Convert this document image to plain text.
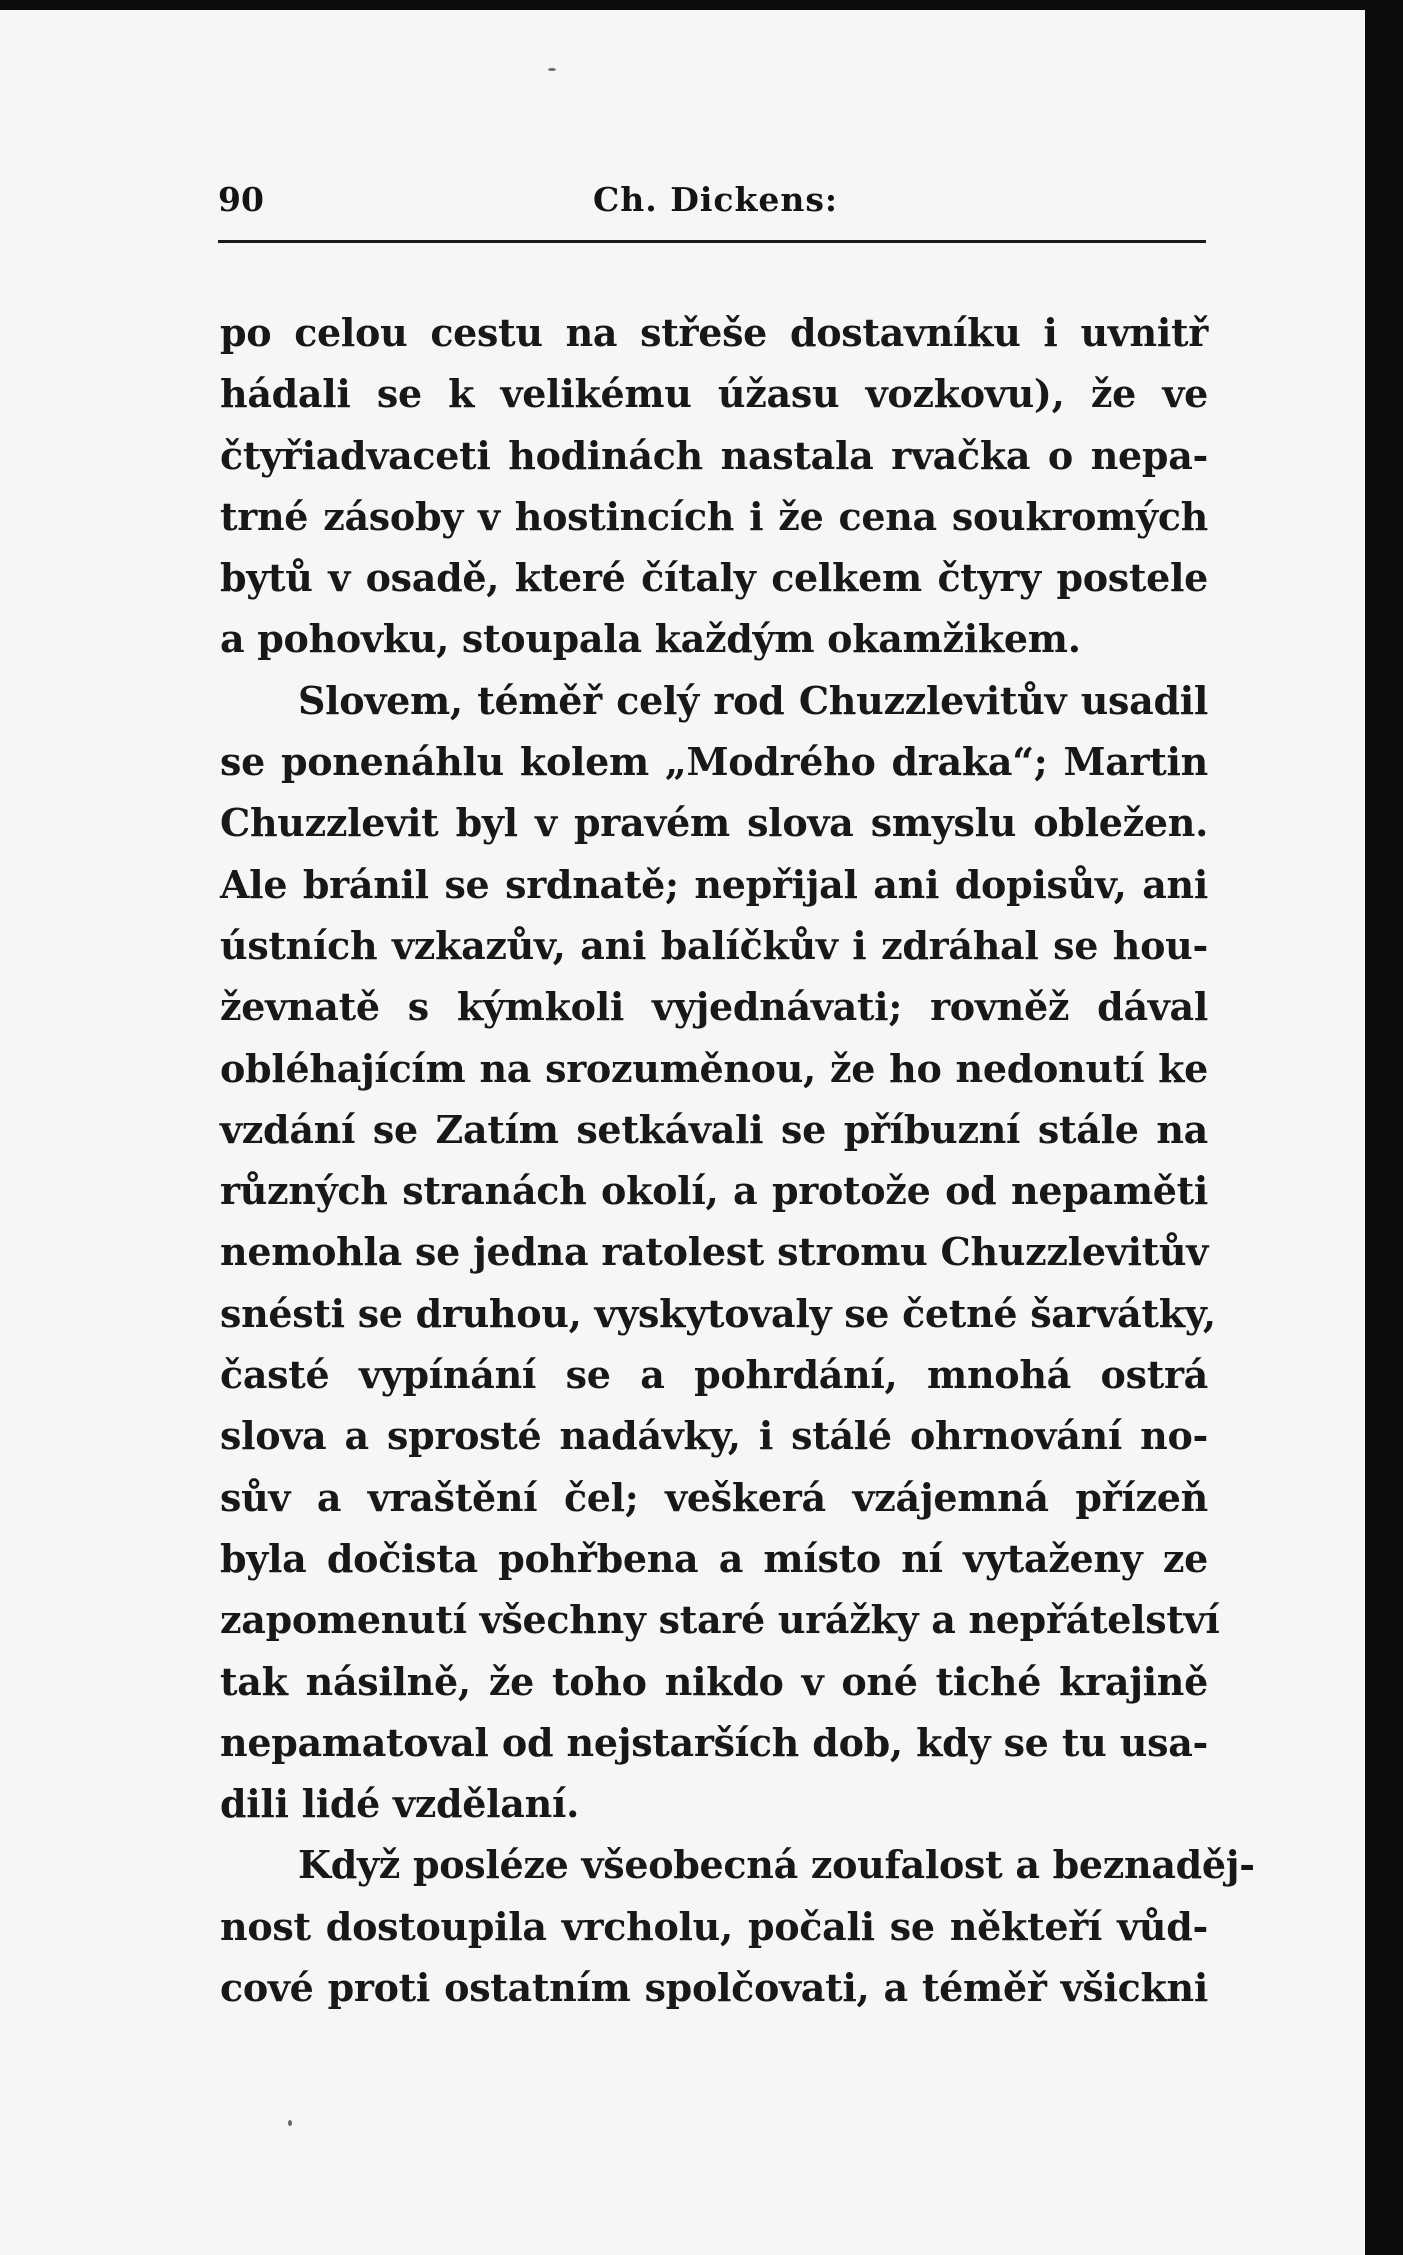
90	Ch. Dickens:
po celou cestu na střeše dostavníku i uvnitř
hádali se k velikému úžasu vozkovu), že ve
čtyřiadvaceti hodinách nastala rvačka o nepa-
trné zásoby v hostincích i že cena soukromých
bytů v osadě, které čítaly celkem čtyry postele
a pohovku, stoupala každým okamžikem.
Slovem, téměř celý rod Chuzzlevitův usadil
se ponenáhlu kolem „Modrého draka“; Martin
Chuzzlevit byl v pravém slova smyslu obležen.
Ale bránil se srdnatě; nepřijal ani dopisův, ani
ústních vzkazův, ani balíčkův i zdráhal se hou-
ževnatě s kýmkoli vyjednávati; rovněž dával
obléhajícím na srozuměnou, že ho nedonutí ke
vzdání se Zatím setkávali se příbuzní stále na
různých stranách okolí, a protože od nepaměti
nemohla se jedna ratolest stromu Chuzzlevitův
snésti se druhou, vyskytovaly se četné šarvátky,
časté vypínání se a pohrdání, mnohá ostrá
slova a sprosté nadávky, i stálé ohrnování no-
sův a vraštění čel; veškerá vzájemná přízeň
byla dočista pohřbena a místo ní vytaženy ze
zapomenutí všechny staré urážky a nepřátelství
tak násilně, že toho nikdo v oné tiché krajině
nepamatoval od nejstarších dob, kdy se tu usa-
dili lidé vzdělaní.
Když posléze všeobecná zoufalost a beznaděj-
nost dostoupila vrcholu, počali se někteří vůd-
cové proti ostatním spolčovati, a téměř všickni
